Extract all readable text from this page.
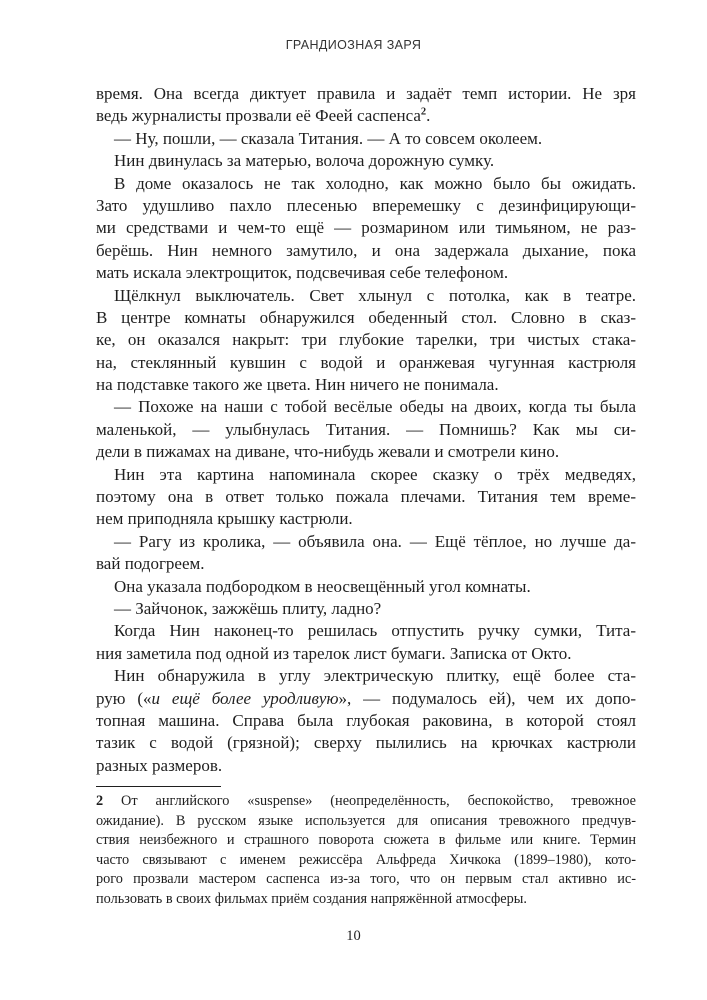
ГРАНДИОЗНАЯ ЗАРЯ
время. Она всегда диктует правила и задаёт темп истории. Не зря
ведь журналисты прозвали её Феей саспенса$^2$.
— Ну, пошли, — сказала Титания. — А то совсем околеем.
Нин двинулась за матерью, волоча дорожную сумку.
В доме оказалось не так холодно, как можно было бы ожидать.
Зато удушливо пахло плесенью вперемешку с дезинфицирующи-
ми средствами и чем-то ещё — розмарином или тимьяном, не раз-
берёшь. Нин немного замутило, и она задержала дыхание, пока
мать искала электрощиток, подсвечивая себе телефоном.
Щёлкнул выключатель. Свет хлынул с потолка, как в театре.
В центре комнаты обнаружился обеденный стол. Словно в сказ-
ке, он оказался накрыт: три глубокие тарелки, три чистых стака-
на, стеклянный кувшин с водой и оранжевая чугунная кастрюля
на подставке такого же цвета. Нин ничего не понимала.
— Похоже на наши с тобой весёлые обеды на двоих, когда ты была
маленькой, — улыбнулась Титания. — Помнишь? Как мы си-
дели в пижамах на диване, что-нибудь жевали и смотрели кино.
Нин эта картина напоминала скорее сказку о трёх медведях,
поэтому она в ответ только пожала плечами. Титания тем време-
нем приподняла крышку кастрюли.
— Рагу из кролика, — объявила она. — Ещё тёплое, но лучше да-
вай подогреем.
Она указала подбородком в неосвещённый угол комнаты.
— Зайчонок, зажжёшь плиту, ладно?
Когда Нин наконец-то решилась отпустить ручку сумки, Тита-
ния заметила под одной из тарелок лист бумаги. Записка от Окто.
Нин обнаружила в углу электрическую плитку, ещё более ста-
рую («и ещё более уродливую», — подумалось ей), чем их допо-
топная машина. Справа была глубокая раковина, в которой стоял
тазик с водой (грязной); сверху пылились на крючках кастрюли
разных размеров.
2 От английского «suspense» (неопределённость, беспокойство, тревожное
ожидание). В русском языке используется для описания тревожного предчув-
ствия неизбежного и страшного поворота сюжета в фильме или книге. Термин
часто связывают с именем режиссёра Альфреда Хичкока (1899–1980), кото-
рого прозвали мастером саспенса из-за того, что он первым стал активно ис-
пользовать в своих фильмах приём создания напряжённой атмосферы.
10
